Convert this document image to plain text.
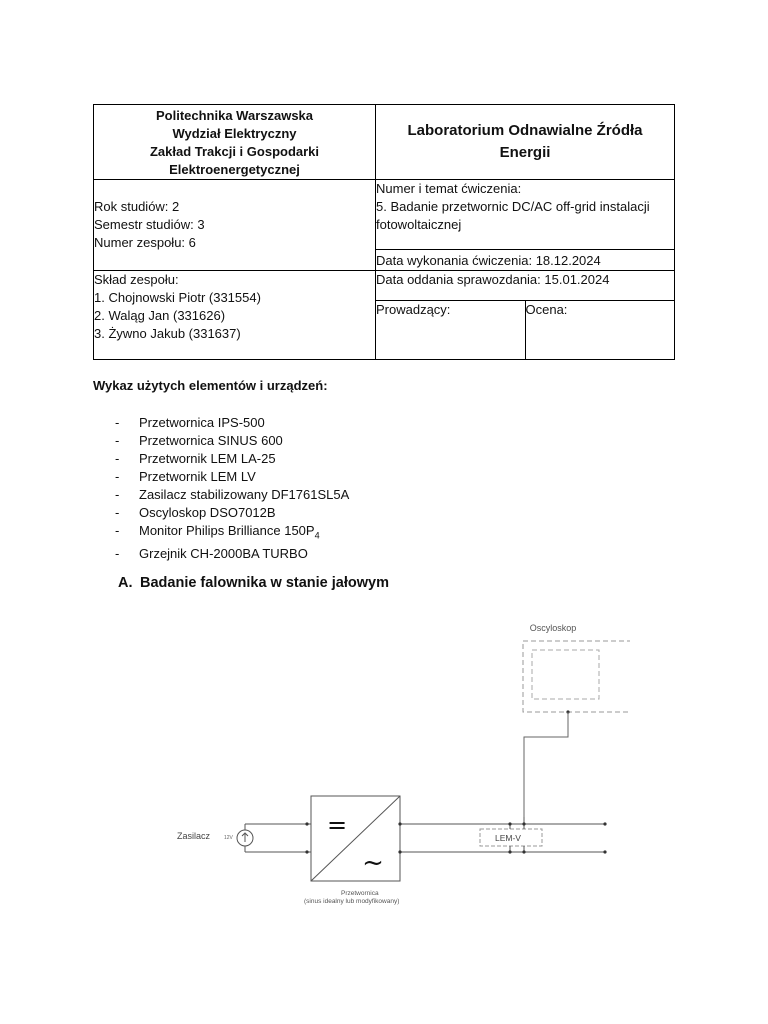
Politechnika Warszawska
Wydział Elektryczny
Zakład Trakcji i Gospodarki
Elektroenergetycznej	Laboratorium Odnawialne Źródła
Energii	

Rok studiów: 2
Semestr studiów: 3
Numer zespołu: 6	Numer i temat ćwiczenia:
5. Badanie przetwornic DC/AC off-grid instalacji
fotowoltaicznej	

	Data wykonania ćwiczenia: 18.12.2024	

Skład zespołu:
1. Chojnowski Piotr (331554)
2. Waląg Jan (331626)
3. Żywno Jakub (331637)	Data oddania sprawozdania: 15.01.2024	

	Prowadzący:	Ocena:
Wykaz użytych elementów i urządzeń:
- Przetwornica IPS-500
- Przetwornica SINUS 600
- Przetwornik LEM LA-25
- Przetwornik LEM LV
- Zasilacz stabilizowany DF1761SL5A
- Oscyloskop DSO7012B
- Monitor Philips Brilliance $150P_4$
- Grzejnik CH-2000BA TURBO
A. Badanie falownika w stanie jałowym
Oscyloskop
Zasilacz	12V	=
~
Przetwornica
(sinus idealny lub modyfikowany)
LEM-V
